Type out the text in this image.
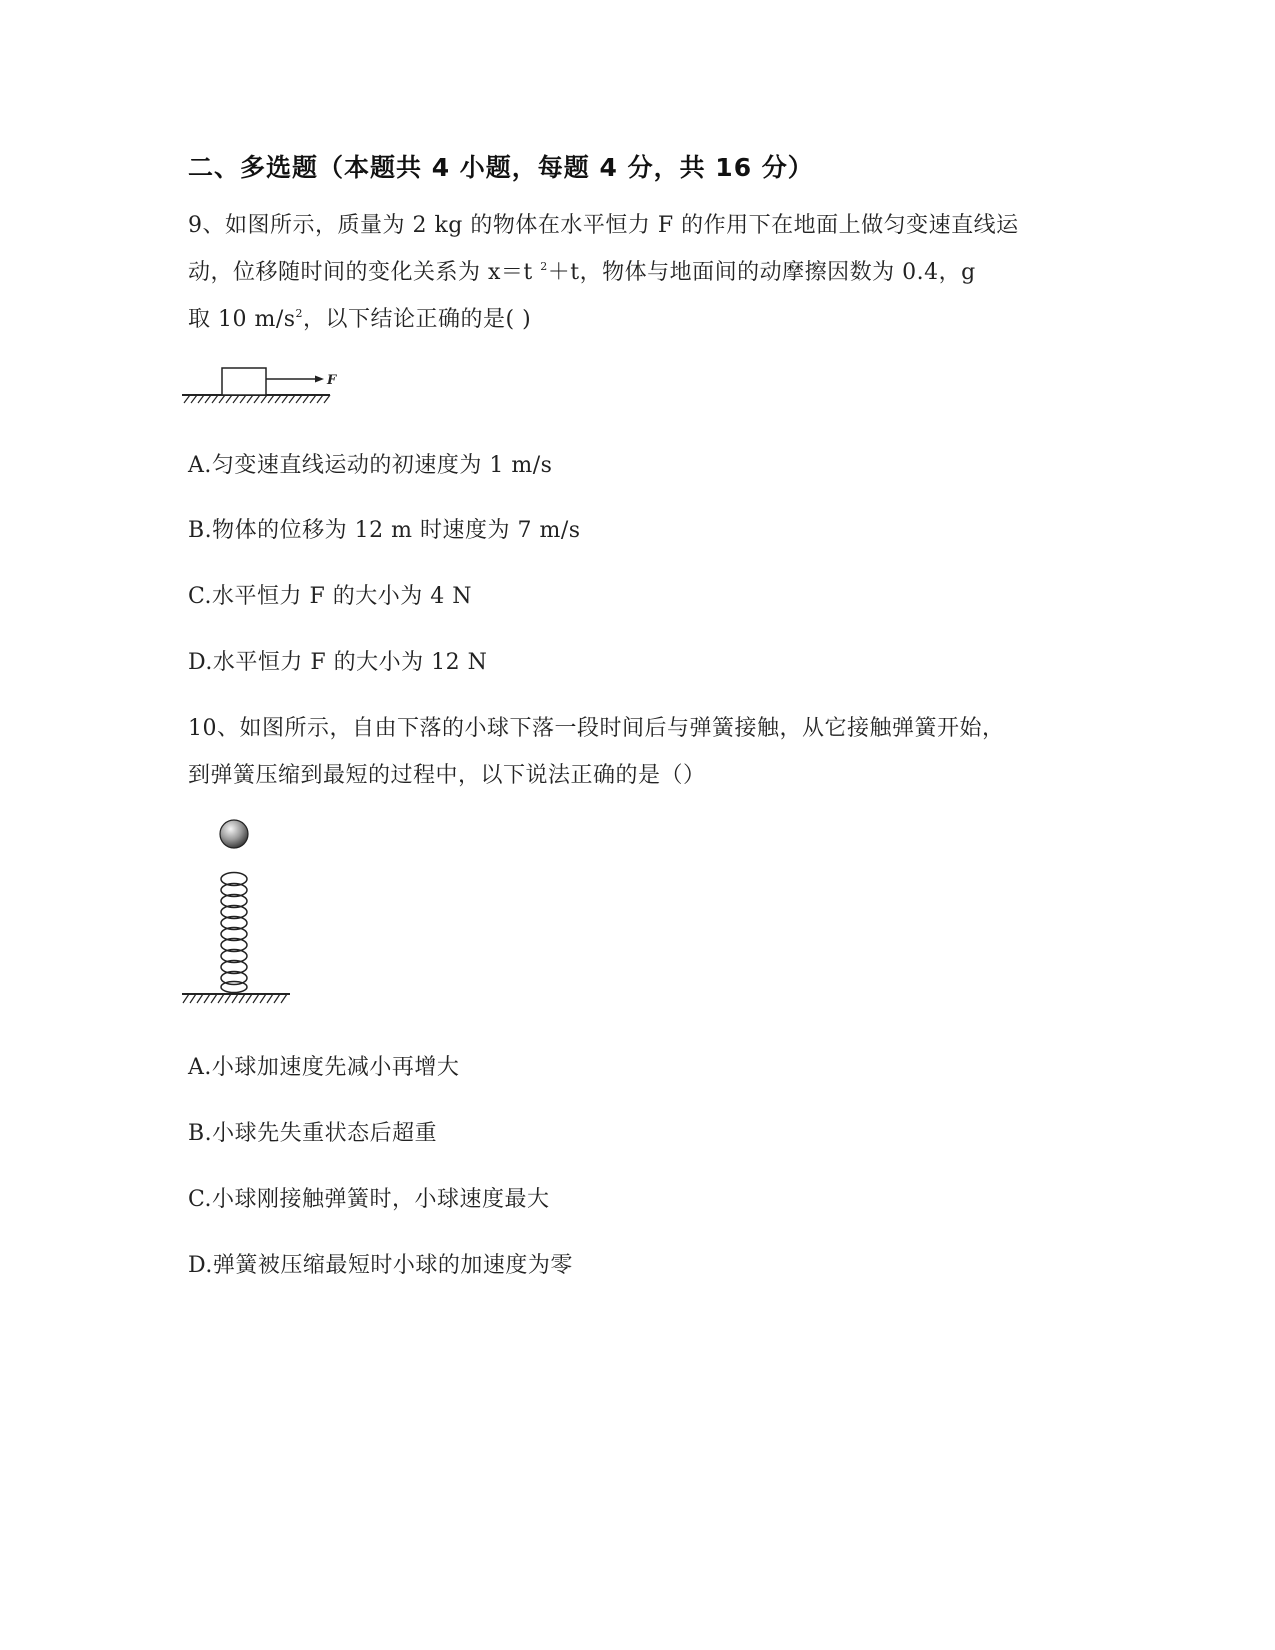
二、多选题（本题共 4 小题，每题 4 分，共 16 分）
9、如图所示，质量为 2 kg 的物体在水平恒力 F 的作用下在地面上做匀变速直线运
动，位移随时间的变化关系为 x＝t $^2$＋t，物体与地面间的动摩擦因数为 0.4，g
取 10 $m/s^2$，以下结论正确的是( )
F
A.匀变速直线运动的初速度为 1 m/s
B.物体的位移为 12 m 时速度为 7 m/s
C.水平恒力 F 的大小为 4 N
D.水平恒力 F 的大小为 12 N
10、如图所示，自由下落的小球下落一段时间后与弹簧接触，从它接触弹簧开始，
到弹簧压缩到最短的过程中，以下说法正确的是（）
A.小球加速度先减小再增大
B.小球先失重状态后超重
C.小球刚接触弹簧时，小球速度最大
D.弹簧被压缩最短时小球的加速度为零
